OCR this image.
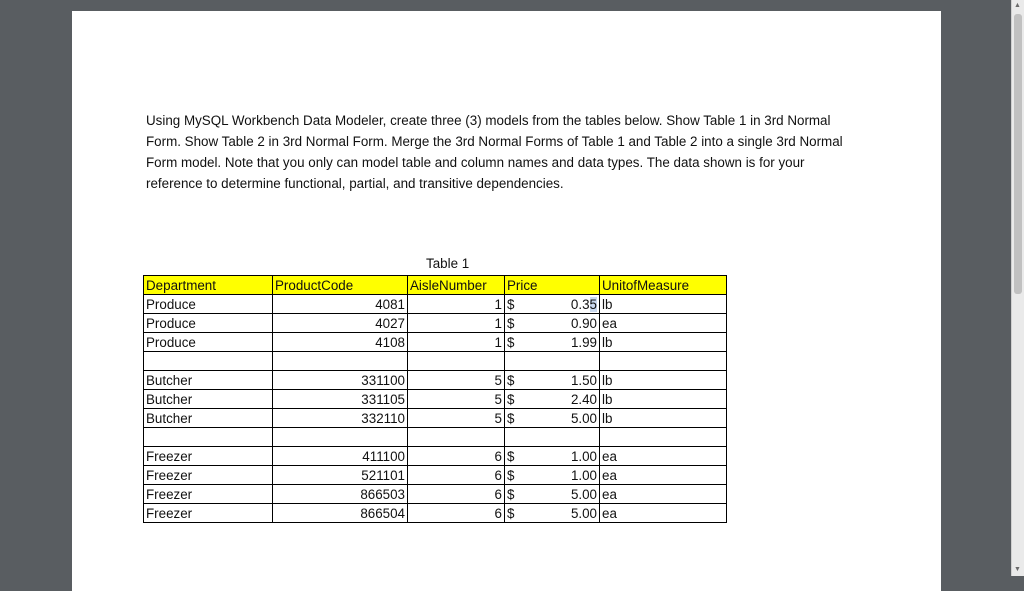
Using MySQL Workbench Data Modeler, create three (3) models from the tables below. Show Table 1 in 3rd Normal Form. Show Table 2 in 3rd Normal Form. Merge the 3rd Normal Forms of Table 1 and Table 2 into a single 3rd Normal Form model. Note that you only can model table and column names and data types. The data shown is for your reference to determine functional, partial, and transitive dependencies.

Table 1
Department	ProductCode	AisleNumber	Price	UnitofMeasure
Produce	4081	1	$ 0.35	lb
Produce	4027	1	$ 0.90	ea
Produce	4108	1	$ 1.99	lb

Butcher	331100	5	$ 1.50	lb
Butcher	331105	5	$ 2.40	lb
Butcher	332110	5	$ 5.00	lb

Freezer	411100	6	$ 1.00	ea
Freezer	521101	6	$ 1.00	ea
Freezer	866503	6	$ 5.00	ea
Freezer	866504	6	$ 5.00	ea
▲
▼
